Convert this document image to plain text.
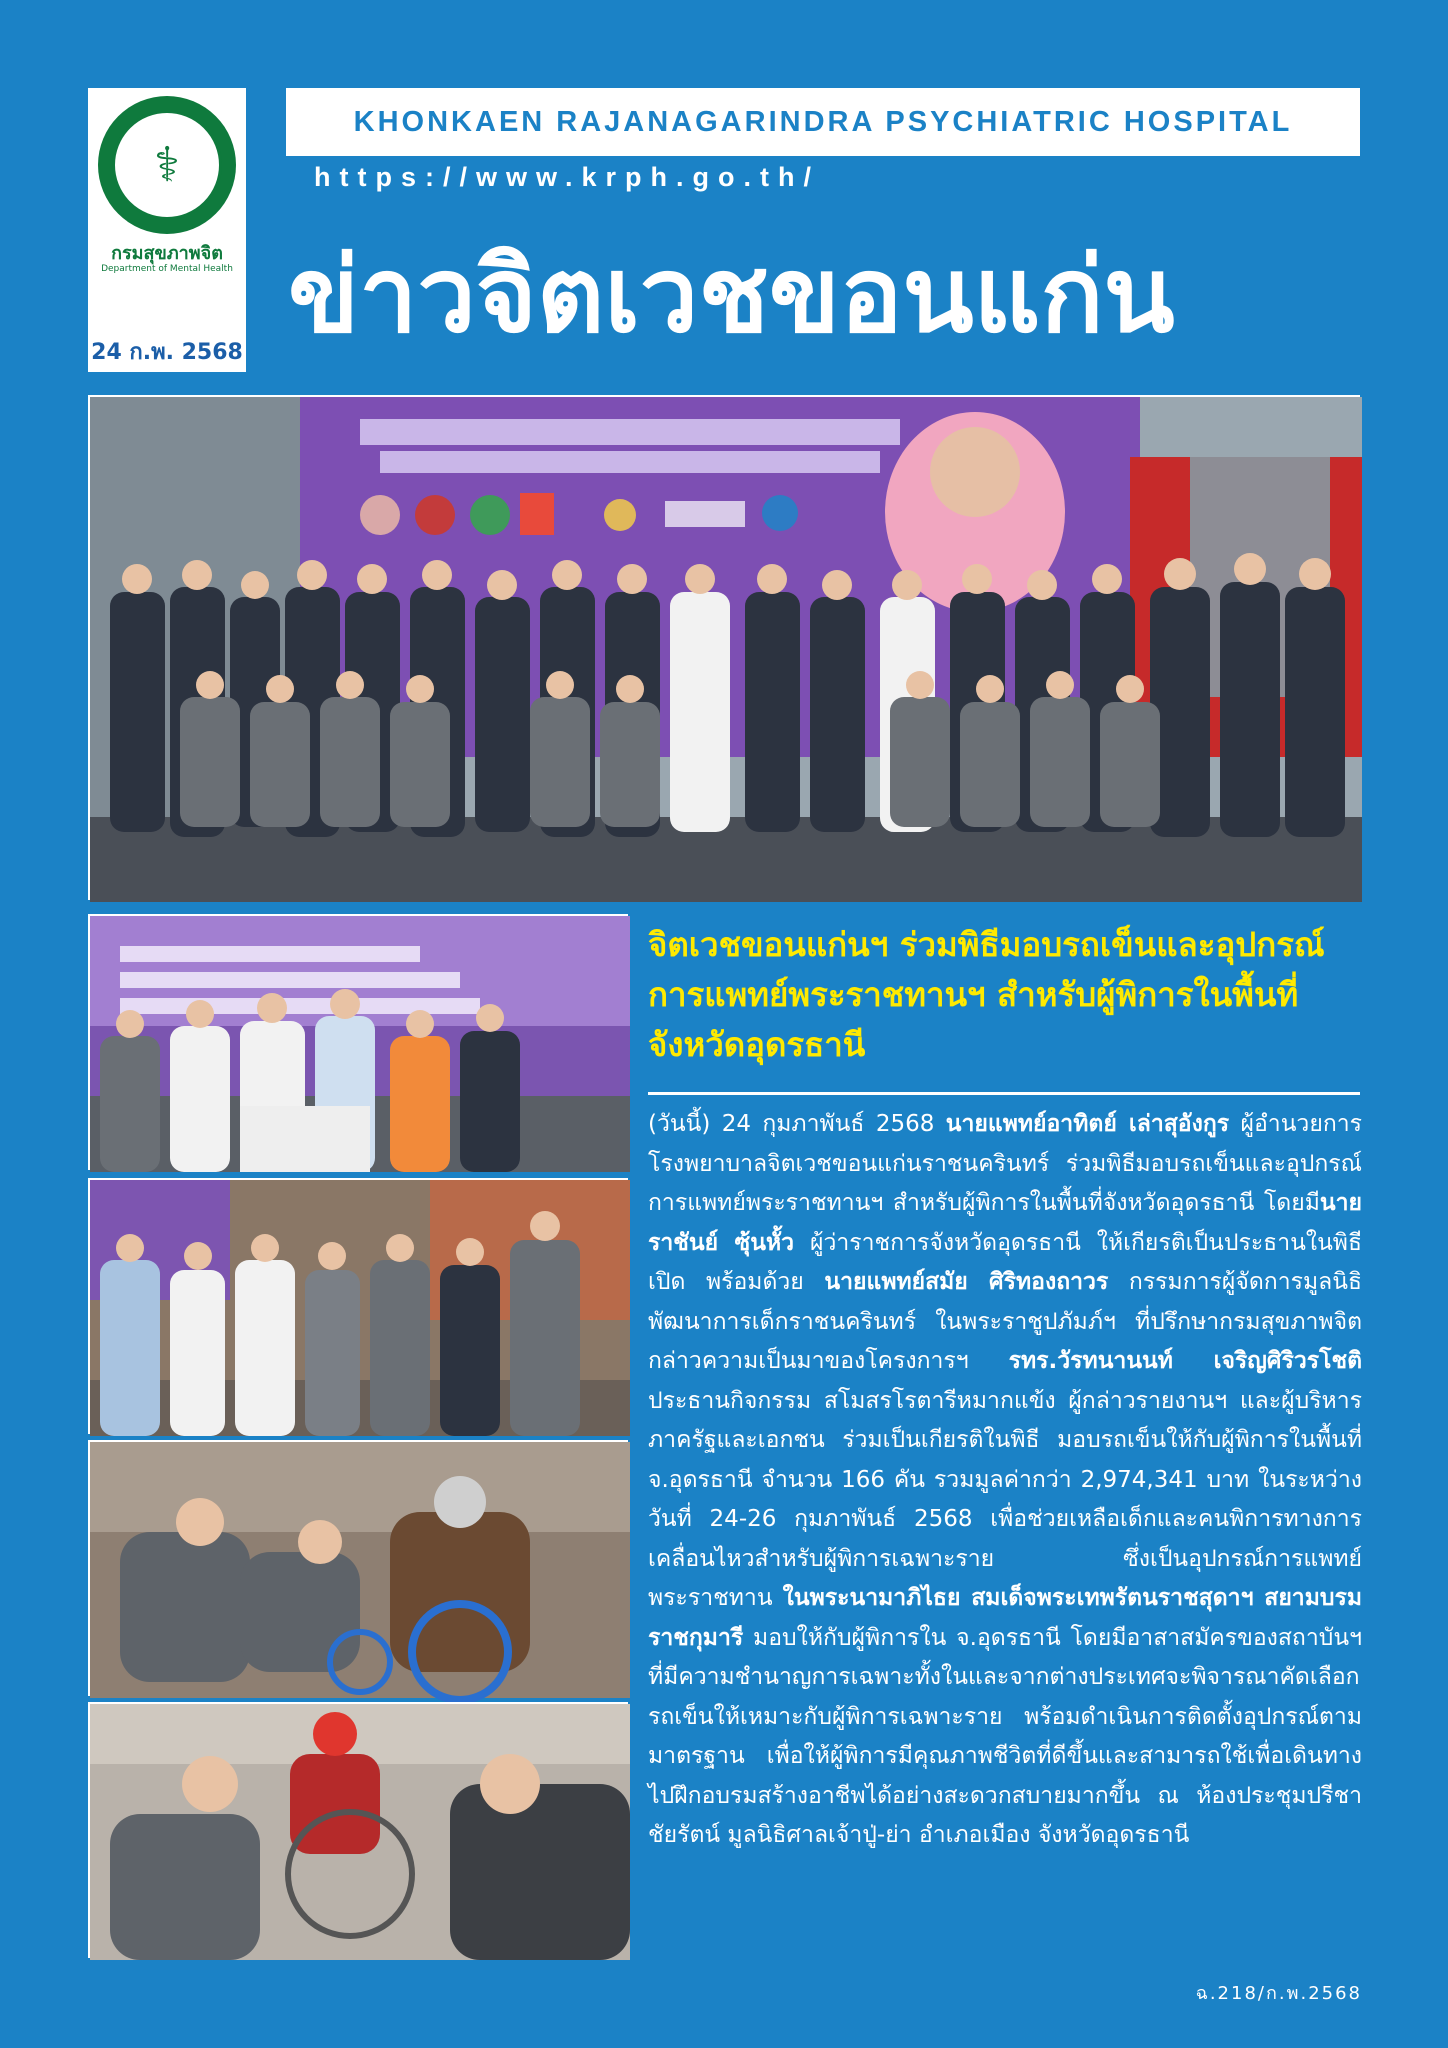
⚕
กรมสุขภาพจิต
Department of Mental Health
24 ก.พ. 2568
KHONKAEN RAJANAGARINDRA PSYCHIATRIC HOSPITAL
https://www.krph.go.th/
ข่าวจิตเวชขอนแก่น
จิตเวชขอนแก่นฯ ร่วมพิธีมอบรถเข็นและอุปกรณ์การแพทย์พระราชทานฯ สำหรับผู้พิการในพื้นที่จังหวัดอุดรธานี
(วันนี้) 24 กุมภาพันธ์ 2568 นายแพทย์อาทิตย์ เล่าสุอังกูร ผู้อำนวยการโรงพยาบาลจิตเวชขอนแก่นราชนครินทร์ ร่วมพิธีมอบรถเข็นและอุปกรณ์การแพทย์พระราชทานฯ สำหรับผู้พิการในพื้นที่จังหวัดอุดรธานี โดยมีนายราชันย์ ซุ้นหั้ว ผู้ว่าราชการจังหวัดอุดรธานี ให้เกียรติเป็นประธานในพิธีเปิด พร้อมด้วย นายแพทย์สมัย ศิริทองถาวร กรรมการผู้จัดการมูลนิธิพัฒนาการเด็กราชนครินทร์ ในพระราชูปภัมภ์ฯ ที่ปรึกษากรมสุขภาพจิต กล่าวความเป็นมาของโครงการฯ รทร.วัรทนานนท์ เจริญศิริวรโชติ ประธานกิจกรรม สโมสรโรตารีหมากแข้ง ผู้กล่าวรายงานฯ และผู้บริหารภาครัฐและเอกชน ร่วมเป็นเกียรติในพิธี มอบรถเข็นให้กับผู้พิการในพื้นที่ จ.อุดรธานี จำนวน 166 คัน รวมมูลค่ากว่า 2,974,341 บาท ในระหว่างวันที่ 24-26 กุมภาพันธ์ 2568 เพื่อช่วยเหลือเด็กและคนพิการทางการเคลื่อนไหวสำหรับผู้พิการเฉพาะราย ซึ่งเป็นอุปกรณ์การแพทย์พระราชทาน ในพระนามาภิไธย สมเด็จพระเทพรัตนราชสุดาฯ สยามบรมราชกุมารี มอบให้กับผู้พิการใน จ.อุดรธานี โดยมีอาสาสมัครของสถาบันฯ ที่มีความชำนาญการเฉพาะทั้งในและจากต่างประเทศจะพิจารณาคัดเลือกรถเข็นให้เหมาะกับผู้พิการเฉพาะราย พร้อมดำเนินการติดตั้งอุปกรณ์ตามมาตรฐาน เพื่อให้ผู้พิการมีคุณภาพชีวิตที่ดีขึ้นและสามารถใช้เพื่อเดินทางไปฝึกอบรมสร้างอาชีพได้อย่างสะดวกสบายมากขึ้น ณ ห้องประชุมปรีชา ชัยรัตน์ มูลนิธิศาลเจ้าปู่-ย่า อำเภอเมือง จังหวัดอุดรธานี
ฉ.218/ก.พ.2568
